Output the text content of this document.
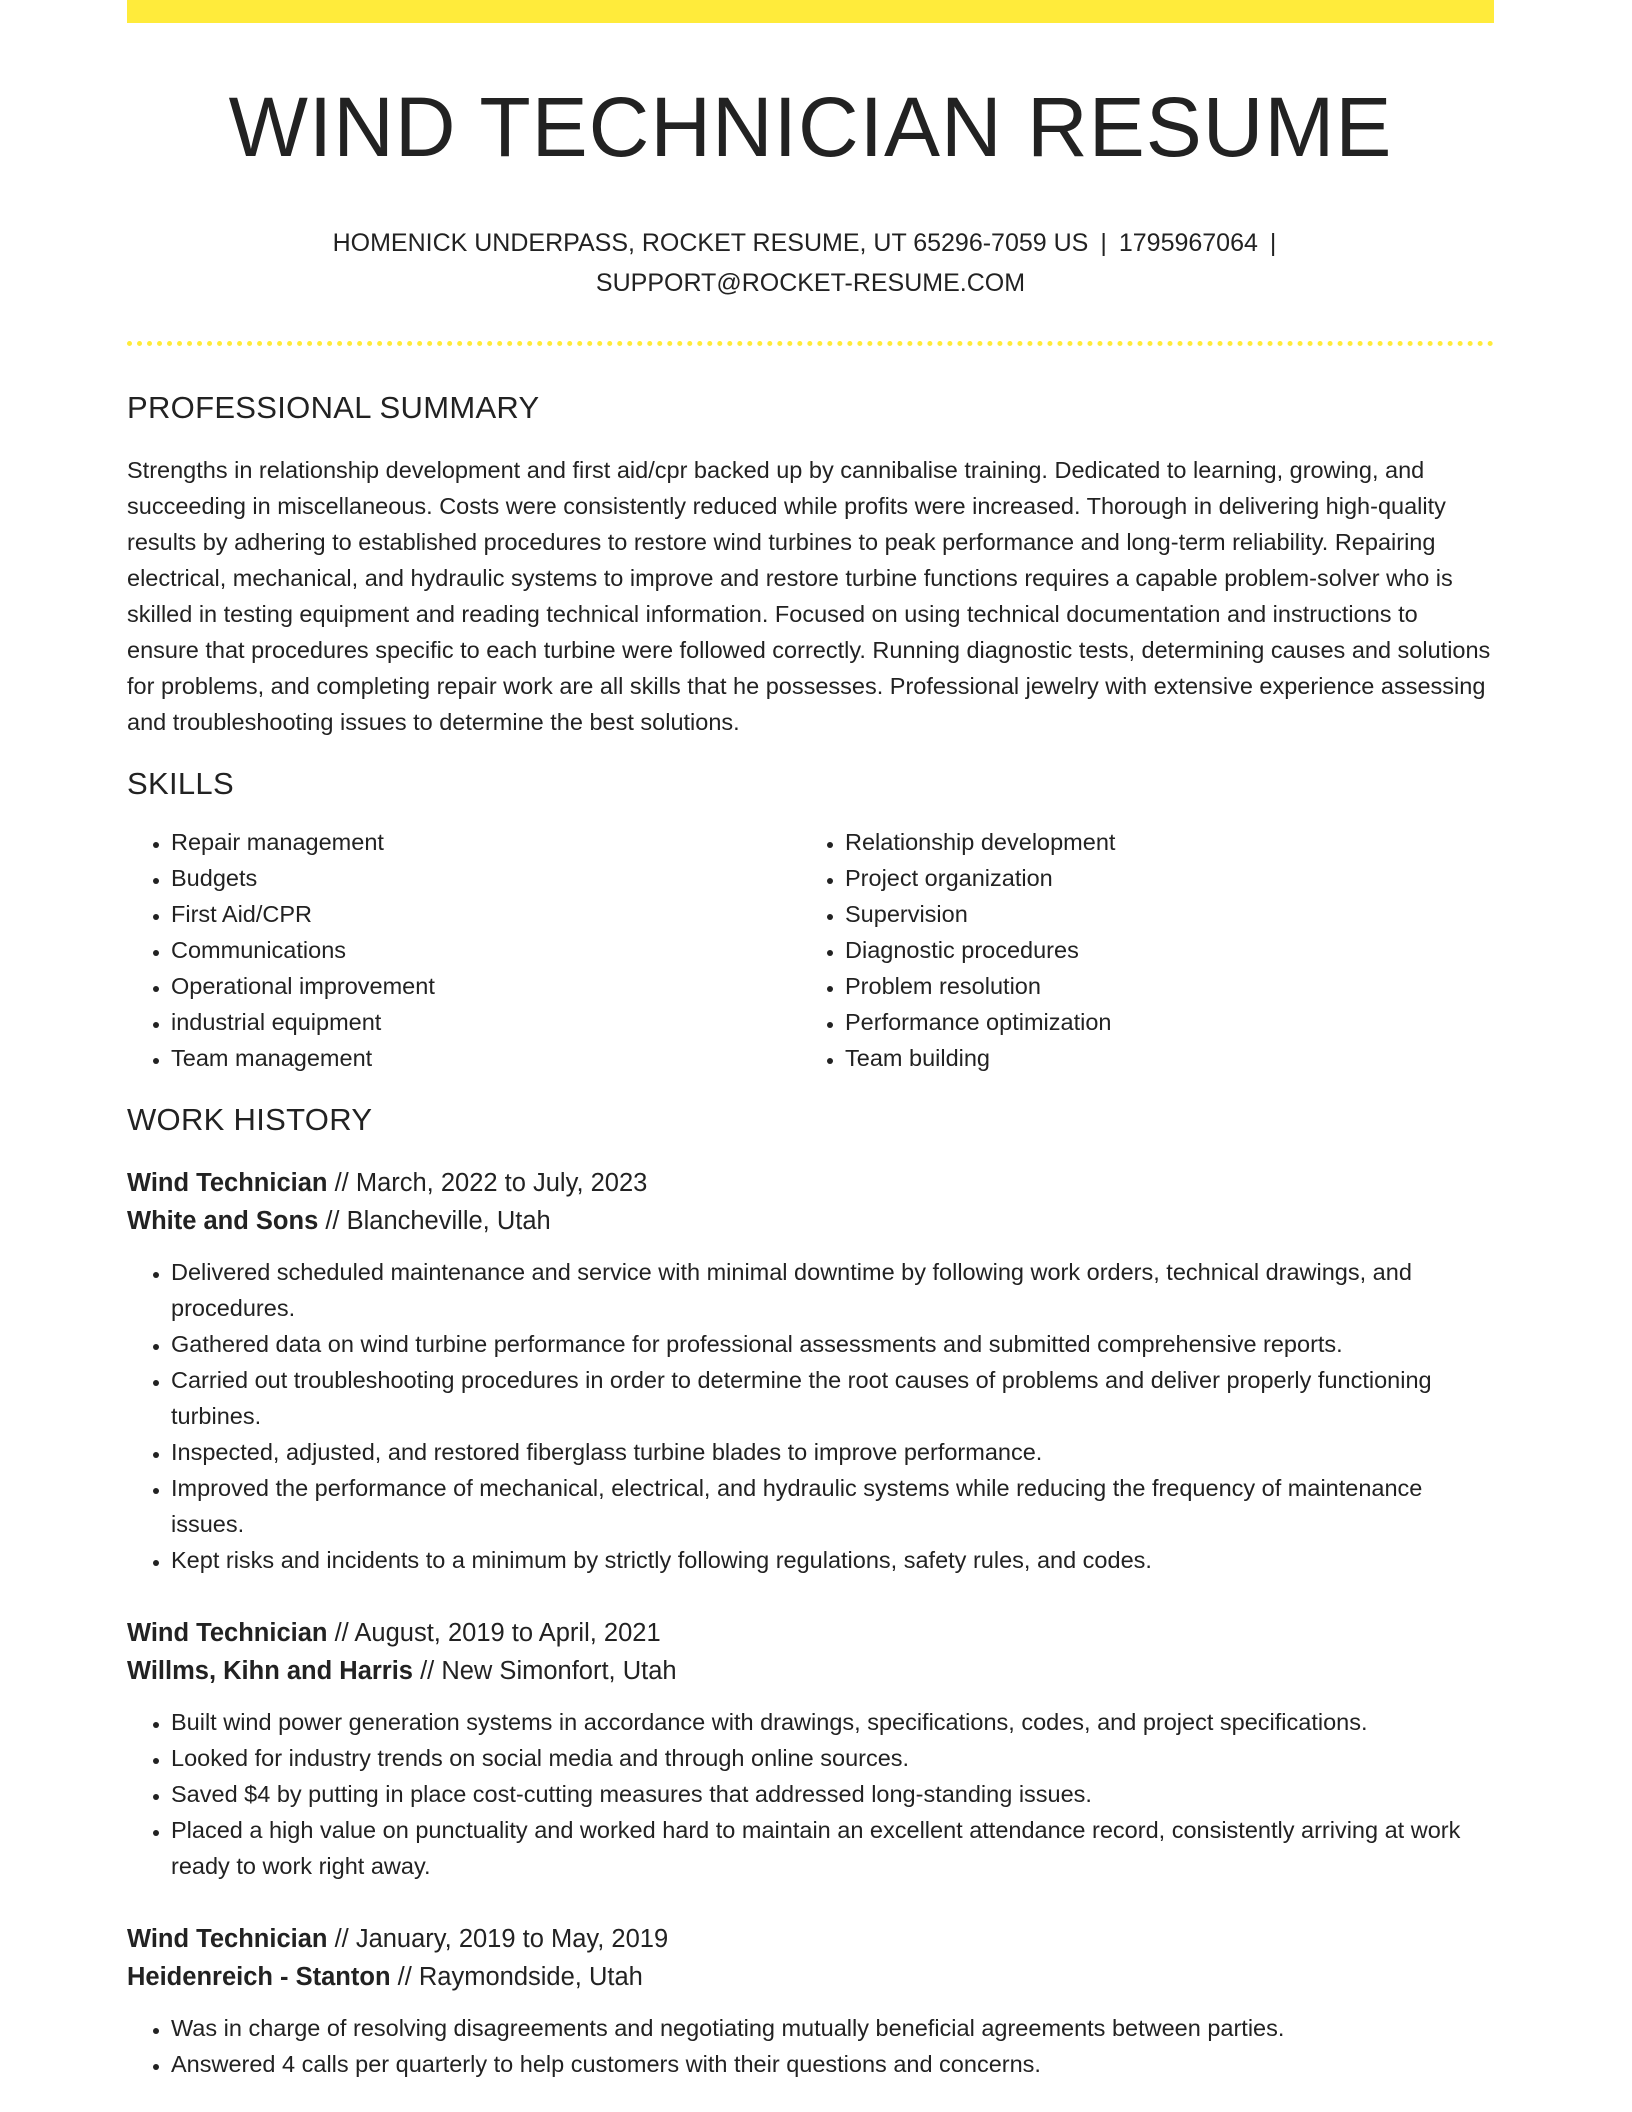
WIND TECHNICIAN RESUME
HOMENICK UNDERPASS, ROCKET RESUME, UT 65296-7059 US | 1795967064 |
SUPPORT@ROCKET-RESUME.COM
PROFESSIONAL SUMMARY

Strengths in relationship development and first aid/cpr backed up by cannibalise training. Dedicated to learning, growing, and succeeding in miscellaneous. Costs were consistently reduced while profits were increased. Thorough in delivering high-quality results by adhering to established procedures to restore wind turbines to peak performance and long-term reliability. Repairing electrical, mechanical, and hydraulic systems to improve and restore turbine functions requires a capable problem-solver who is skilled in testing equipment and reading technical information. Focused on using technical documentation and instructions to ensure that procedures specific to each turbine were followed correctly. Running diagnostic tests, determining causes and solutions for problems, and completing repair work are all skills that he possesses. Professional jewelry with extensive experience assessing and troubleshooting issues to determine the best solutions.

SKILLS
• Repair management
• Budgets
• First Aid/CPR
• Communications
• Operational improvement
• industrial equipment
• Team management
• Relationship development
• Project organization
• Supervision
• Diagnostic procedures
• Problem resolution
• Performance optimization
• Team building
WORK HISTORY
Wind Technician // March, 2022 to July, 2023
White and Sons // Blancheville, Utah
• Delivered scheduled maintenance and service with minimal downtime by following work orders, technical drawings, and procedures.
• Gathered data on wind turbine performance for professional assessments and submitted comprehensive reports.
• Carried out troubleshooting procedures in order to determine the root causes of problems and deliver properly functioning turbines.
• Inspected, adjusted, and restored fiberglass turbine blades to improve performance.
• Improved the performance of mechanical, electrical, and hydraulic systems while reducing the frequency of maintenance issues.
• Kept risks and incidents to a minimum by strictly following regulations, safety rules, and codes.
Wind Technician // August, 2019 to April, 2021
Willms, Kihn and Harris // New Simonfort, Utah
• Built wind power generation systems in accordance with drawings, specifications, codes, and project specifications.
• Looked for industry trends on social media and through online sources.
• Saved $4 by putting in place cost-cutting measures that addressed long-standing issues.
• Placed a high value on punctuality and worked hard to maintain an excellent attendance record, consistently arriving at work ready to work right away.
Wind Technician // January, 2019 to May, 2019
Heidenreich - Stanton // Raymondside, Utah
• Was in charge of resolving disagreements and negotiating mutually beneficial agreements between parties.
• Answered 4 calls per quarterly to help customers with their questions and concerns.
